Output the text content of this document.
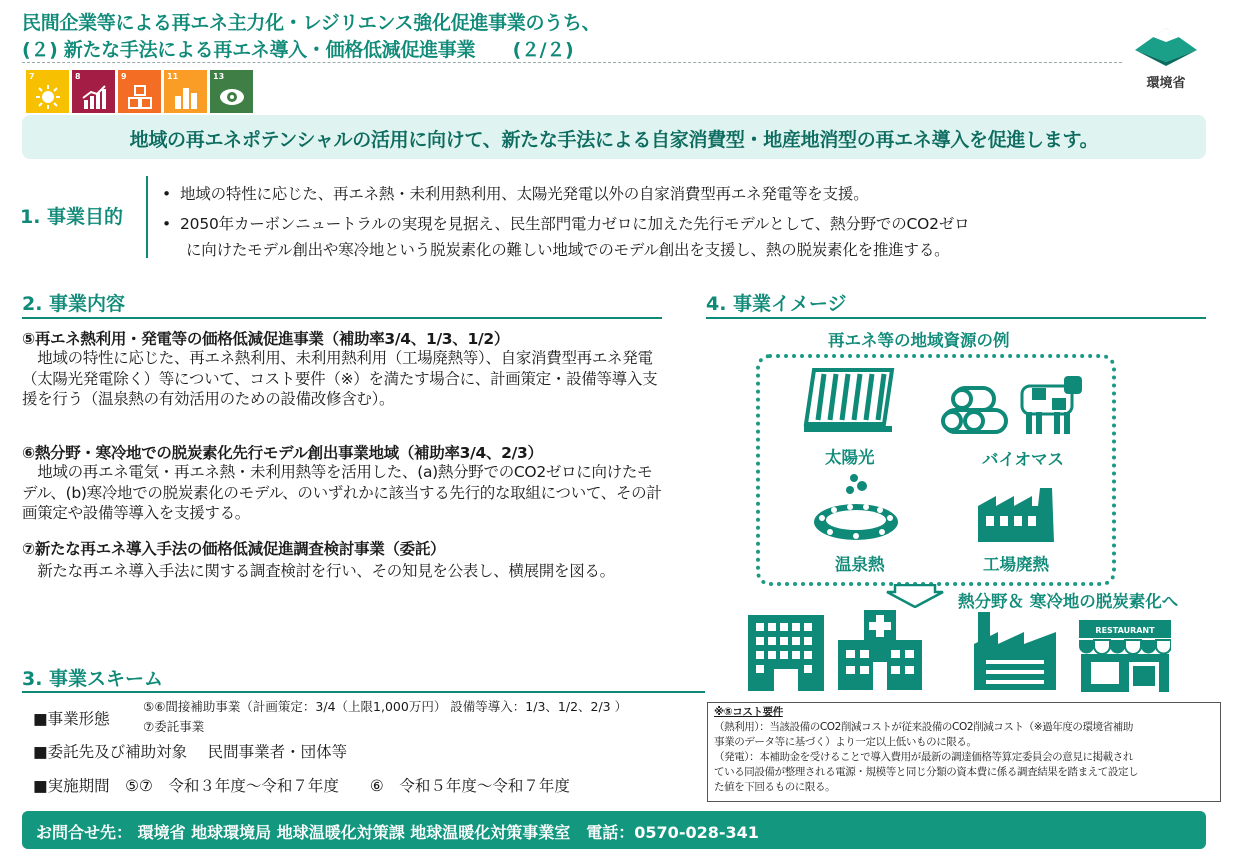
民間企業等による再エネ主力化・レジリエンス強化促進事業のうち、
(２) 新たな手法による再エネ導入・価格低減促進事業　　(２/２)
7	8	9	11	13	環境省
地域の再エネポテンシャルの活用に向けて、新たな手法による自家消費型・地産地消型の再エネ導入を促進します。
1. 事業目的
• 地域の特性に応じた、再エネ熱・未利用熱利用、太陽光発電以外の自家消費型再エネ発電等を支援。
• 2050年カーボンニュートラルの実現を見据え、民生部門電力ゼロに加えた先行モデルとして、熱分野でのCO2ゼロ
に向けたモデル創出や寒冷地という脱炭素化の難しい地域でのモデル創出を支援し、熱の脱炭素化を推進する。
2. 事業内容
⑤再エネ熱利用・発電等の価格低減促進事業（補助率3/4、1/3、1/2）
　地域の特性に応じた、再エネ熱利用、未利用熱利用（工場廃熱等）、自家消費型再エネ発電（太陽光発電除く）等について、コスト要件（※）を満たす場合に、計画策定・設備等導入支援を行う（温泉熱の有効活用のための設備改修含む）。
⑥熱分野・寒冷地での脱炭素化先行モデル創出事業地域（補助率3/4、2/3）
　地域の再エネ電気・再エネ熱・未利用熱等を活用した、(a)熱分野でのCO2ゼロに向けたモデル、(b)寒冷地での脱炭素化のモデル、のいずれかに該当する先行的な取組について、その計画策定や設備等導入を支援する。
⑦新たな再エネ導入手法の価格低減促進調査検討事業（委託）
　新たな再エネ導入手法に関する調査検討を行い、その知見を公表し、横展開を図る。
3. 事業スキーム
■事業形態
⑤⑥間接補助事業（計画策定：3/4（上限1,000万円） 設備等導入：1/3、1/2、2/3 ）
⑦委託事業
■委託先及び補助対象　 民間事業者・団体等
■実施期間　⑤⑦　令和３年度～令和７年度　　⑥　令和５年度～令和７年度
4. 事業イメージ
再エネ等の地域資源の例
太陽光	バイオマス
温泉熱	工場廃熱
熱分野＆ 寒冷地の脱炭素化へ
RESTAURANT
※⑤コスト要件
（熱利用）：当該設備のCO2削減コストが従来設備のCO2削減コスト（※過年度の環境省補助
事業のデータ等に基づく）より一定以上低いものに限る。
（発電）：本補助金を受けることで導入費用が最新の調達価格等算定委員会の意見に掲載され
ている同設備が整理される電源・規模等と同じ分類の資本費に係る調査結果を踏まえて設定し
た値を下回るものに限る。
お問合せ先： 環境省 地球環境局 地球温暖化対策課 地球温暖化対策事業室　電話：0570-028-341
